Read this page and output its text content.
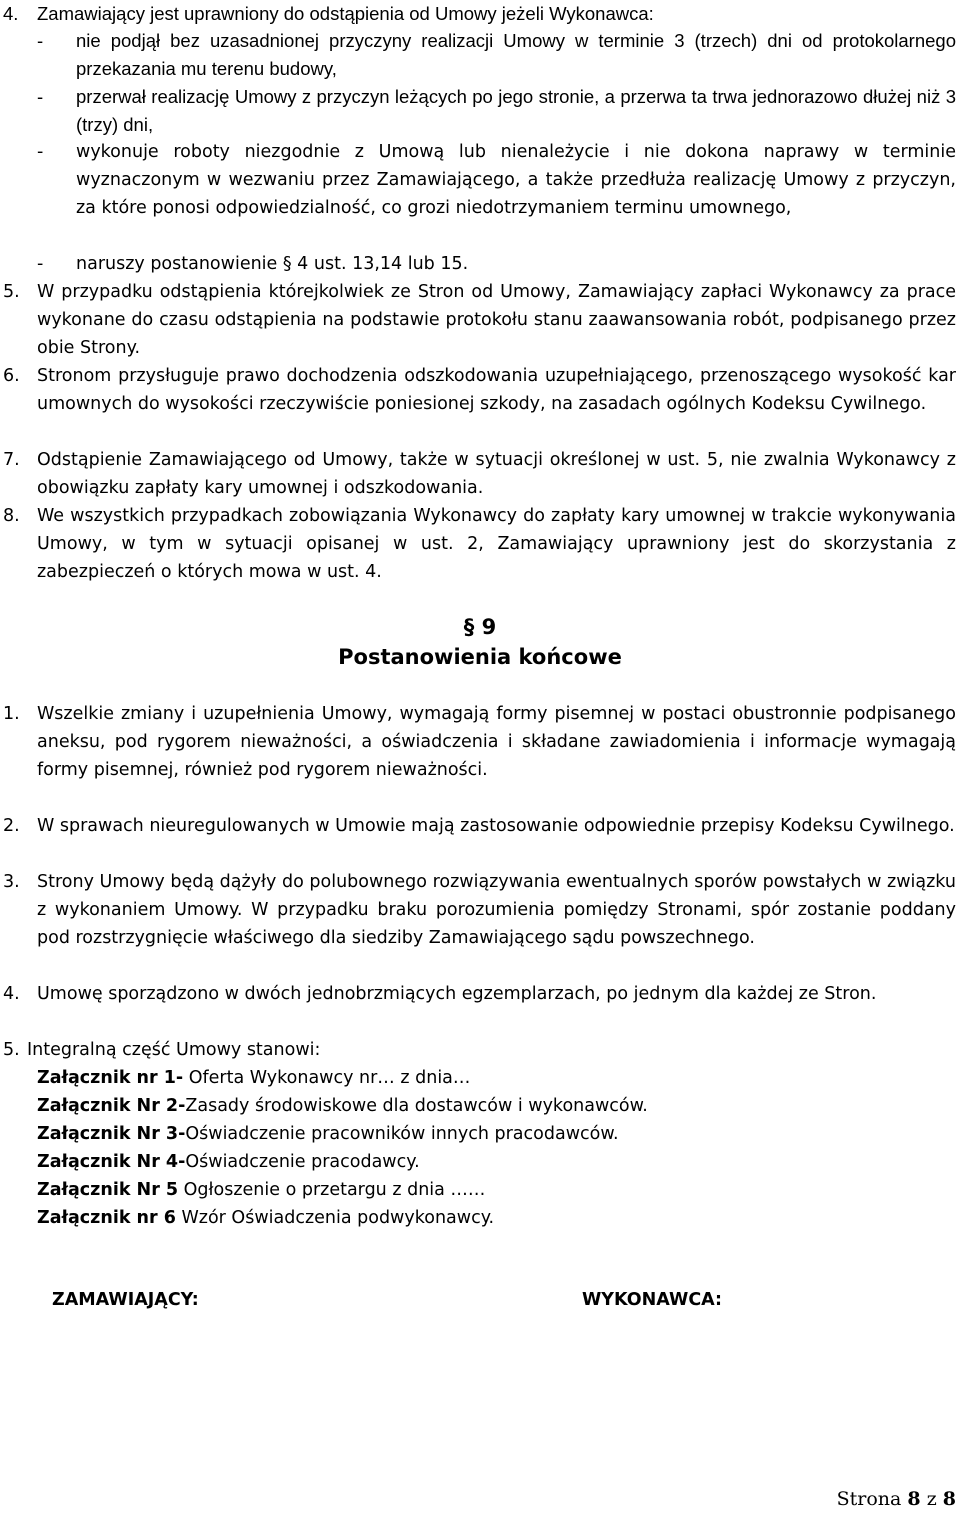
4. Zamawiający jest uprawniony do odstąpienia od Umowy jeżeli Wykonawca:
- nie podjął bez uzasadnionej przyczyny realizacji Umowy w terminie 3 (trzech) dni od protokolarnego przekazania mu terenu budowy,
- przerwał realizację Umowy z przyczyn leżących po jego stronie, a przerwa ta trwa jednorazowo dłużej niż 3 (trzy) dni,
- wykonuje roboty niezgodnie z Umową lub nienależycie i nie dokona naprawy w terminie wyznaczonym w wezwaniu przez Zamawiającego, a także przedłuża realizację Umowy z przyczyn, za które ponosi odpowiedzialność, co grozi niedotrzymaniem terminu umownego,
- naruszy postanowienie § 4 ust. 13,14 lub 15.
5. W przypadku odstąpienia którejkolwiek ze Stron od Umowy, Zamawiający zapłaci Wykonawcy za prace wykonane do czasu odstąpienia na podstawie protokołu stanu zaawansowania robót, podpisanego przez obie Strony.
6. Stronom przysługuje prawo dochodzenia odszkodowania uzupełniającego, przenoszącego wysokość kar umownych do wysokości rzeczywiście poniesionej szkody, na zasadach ogólnych Kodeksu Cywilnego.
7. Odstąpienie Zamawiającego od Umowy, także w sytuacji określonej w ust. 5, nie zwalnia Wykonawcy z obowiązku zapłaty kary umownej i odszkodowania.
8. We wszystkich przypadkach zobowiązania Wykonawcy do zapłaty kary umownej w trakcie wykonywania Umowy, w tym w sytuacji opisanej w ust. 2, Zamawiający uprawniony jest do skorzystania z zabezpieczeń o których mowa w ust. 4.
§ 9
Postanowienia końcowe
1. Wszelkie zmiany i uzupełnienia Umowy, wymagają formy pisemnej w postaci obustronnie podpisanego aneksu, pod rygorem nieważności, a oświadczenia i składane zawiadomienia i informacje wymagają formy pisemnej, również pod rygorem nieważności.
2. W sprawach nieuregulowanych w Umowie mają zastosowanie odpowiednie przepisy Kodeksu Cywilnego.
3. Strony Umowy będą dążyły do polubownego rozwiązywania ewentualnych sporów powstałych w związku z wykonaniem Umowy. W przypadku braku porozumienia pomiędzy Stronami, spór zostanie poddany pod rozstrzygnięcie właściwego dla siedziby Zamawiającego sądu powszechnego.
4. Umowę sporządzono w dwóch jednobrzmiących egzemplarzach, po jednym dla każdej ze Stron.
5. Integralną część Umowy stanowi:
Załącznik nr 1- Oferta Wykonawcy nr… z dnia…
Załącznik Nr 2-Zasady środowiskowe dla dostawców i wykonawców.
Załącznik Nr 3-Oświadczenie pracowników innych pracodawców.
Załącznik Nr 4-Oświadczenie pracodawcy.
Załącznik Nr 5 Ogłoszenie o przetargu z dnia ……
Załącznik nr 6 Wzór Oświadczenia podwykonawcy.
ZAMAWIAJĄCY:	WYKONAWCA:
Strona 8 z 8
